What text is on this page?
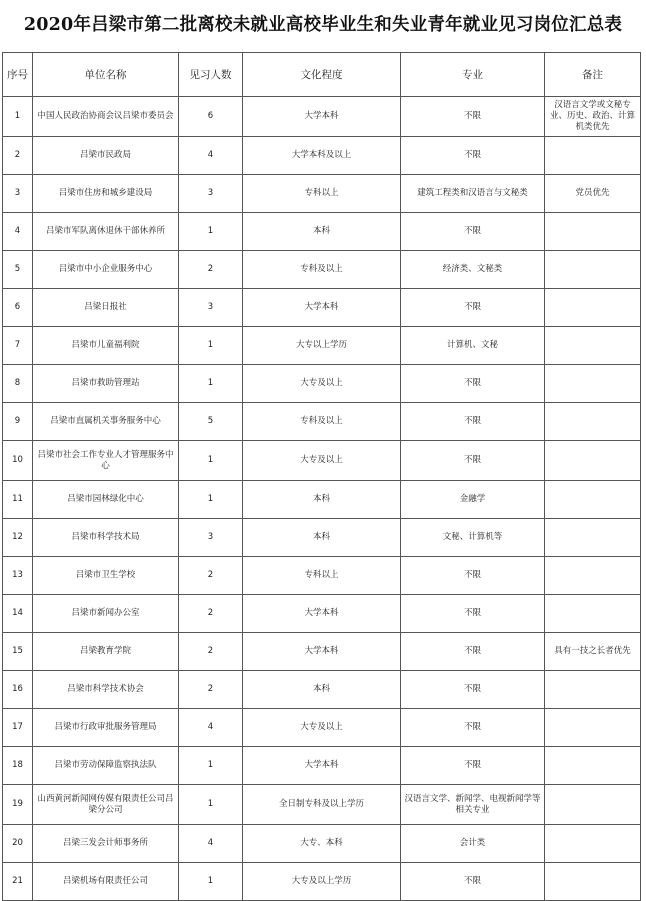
2020年吕梁市第二批离校未就业高校毕业生和失业青年就业见习岗位汇总表
序号	单位名称	见习人数	文化程度	专业	备注
1	中国人民政治协商会议吕梁市委员会	6	大学本科	不限	汉语言文学或文秘专业、历史、政治、计算机类优先
2	吕梁市民政局	4	大学本科及以上	不限	
3	吕梁市住房和城乡建设局	3	专科以上	建筑工程类和汉语言与文秘类	党员优先
4	吕梁市军队离休退休干部休养所	1	本科	不限	
5	吕梁市中小企业服务中心	2	专科及以上	经济类、文秘类	
6	吕梁日报社	3	大学本科	不限	
7	吕梁市儿童福利院	1	大专以上学历	计算机、文秘	
8	吕梁市救助管理站	1	大专及以上	不限	
9	吕梁市直属机关事务服务中心	5	专科及以上	不限	
10	吕梁市社会工作专业人才管理服务中心	1	大专及以上	不限	
11	吕梁市园林绿化中心	1	本科	金融学	
12	吕梁市科学技术局	3	本科	文秘、计算机等	
13	吕梁市卫生学校	2	专科以上	不限	
14	吕梁市新闻办公室	2	大学本科	不限	
15	吕梁教育学院	2	大学本科	不限	具有一技之长者优先
16	吕梁市科学技术协会	2	本科	不限	
17	吕梁市行政审批服务管理局	4	大专及以上	不限	
18	吕梁市劳动保障监察执法队	1	大学本科	不限	
19	山西黄河新闻网传媒有限责任公司吕梁分公司	1	全日制专科及以上学历	汉语言文学、新闻学、电视新闻学等相关专业	
20	吕梁三发会计师事务所	4	大专、本科	会计类	
21	吕梁机场有限责任公司	1	大专及以上学历	不限	
